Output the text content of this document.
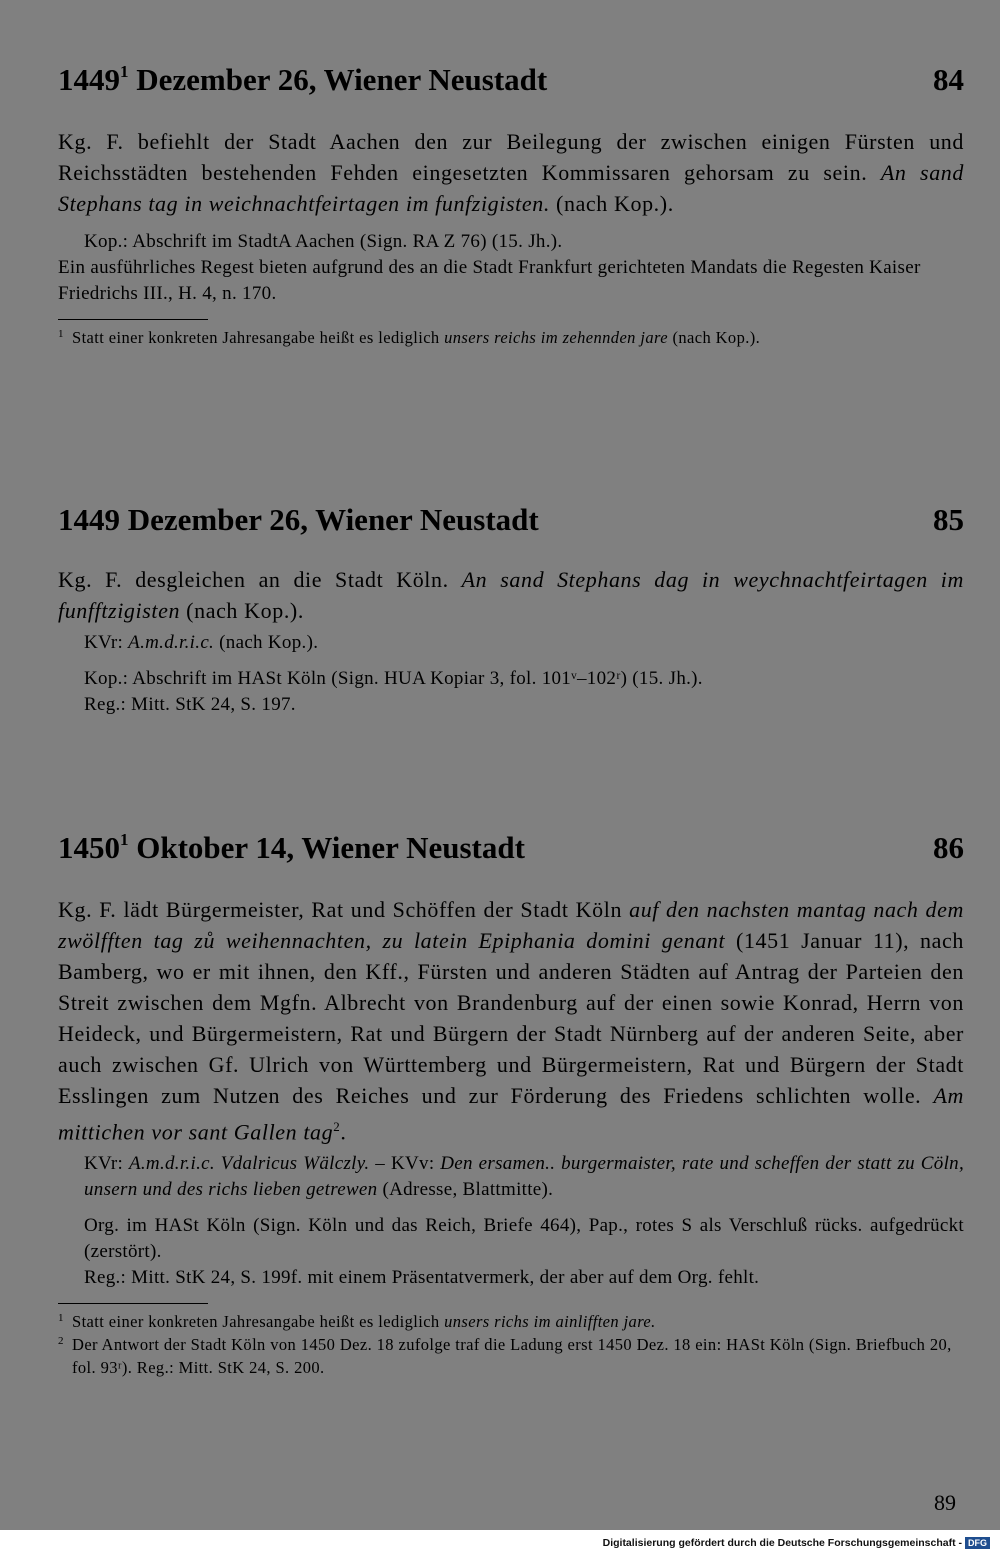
1449$^1$ Dezember 26, Wiener Neustadt	84
Kg. F. befiehlt der Stadt Aachen den zur Beilegung der zwischen einigen Fürsten und Reichsstädten bestehenden Fehden eingesetzten Kommissaren gehorsam zu sein. An sand Stephans tag in weichnachtfeirtagen im funfzigisten. (nach Kop.).
Kop.: Abschrift im StadtA Aachen (Sign. RA Z 76) (15. Jh.).
Ein ausführliches Regest bieten aufgrund des an die Stadt Frankfurt gerichteten Mandats die Regesten Kaiser Friedrichs III., H. 4, n. 170.
1 Statt einer konkreten Jahresangabe heißt es lediglich unsers reichs im zehennden jare (nach Kop.).
1449 Dezember 26, Wiener Neustadt	85
Kg. F. desgleichen an die Stadt Köln. An sand Stephans dag in weychnachtfeirtagen im funfftzigisten (nach Kop.).
KVr: A.m.d.r.i.c. (nach Kop.).
Kop.: Abschrift im HASt Köln (Sign. HUA Kopiar 3, fol. 101ᵛ–102ʳ) (15. Jh.).
Reg.: Mitt. StK 24, S. 197.
1450$^1$ Oktober 14, Wiener Neustadt	86
Kg. F. lädt Bürgermeister, Rat und Schöffen der Stadt Köln auf den nachsten mantag nach dem zwölfften tag zů weihennachten, zu latein Epiphania domini genant (1451 Januar 11), nach Bamberg, wo er mit ihnen, den Kff., Fürsten und anderen Städten auf Antrag der Parteien den Streit zwischen dem Mgfn. Albrecht von Brandenburg auf der einen sowie Konrad, Herrn von Heideck, und Bürgermeistern, Rat und Bürgern der Stadt Nürnberg auf der anderen Seite, aber auch zwischen Gf. Ulrich von Württemberg und Bürgermeistern, Rat und Bürgern der Stadt Esslingen zum Nutzen des Reiches und zur Förderung des Friedens schlichten wolle. Am mittichen vor sant Gallen tag$^2$.
KVr: A.m.d.r.i.c. Vdalricus Wälczly. – KVv: Den ersamen.. burgermaister, rate und scheffen der statt zu Cöln, unsern und des richs lieben getrewen (Adresse, Blattmitte).
Org. im HASt Köln (Sign. Köln und das Reich, Briefe 464), Pap., rotes S als Verschluß rücks. aufgedrückt (zerstört).
Reg.: Mitt. StK 24, S. 199f. mit einem Präsentatvermerk, der aber auf dem Org. fehlt.
1 Statt einer konkreten Jahresangabe heißt es lediglich unsers richs im ainlifften jare.
2 Der Antwort der Stadt Köln von 1450 Dez. 18 zufolge traf die Ladung erst 1450 Dez. 18 ein: HASt Köln (Sign. Briefbuch 20, fol. 93ʳ). Reg.: Mitt. StK 24, S. 200.
89
Digitalisierung gefördert durch die Deutsche Forschungsgemeinschaft - DFG
